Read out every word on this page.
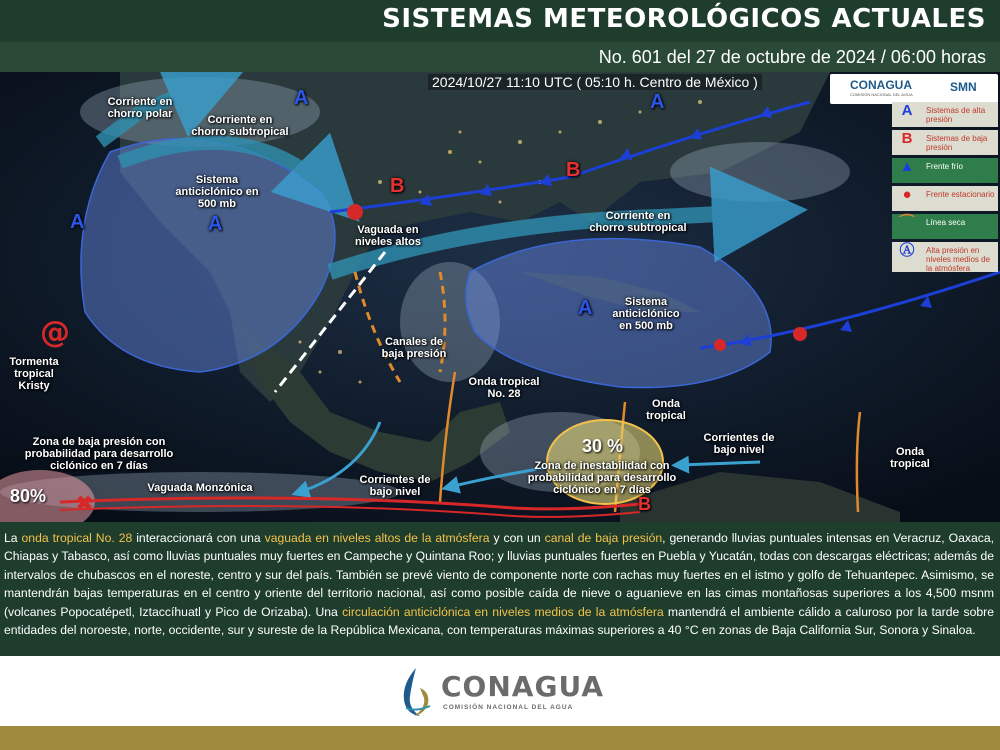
SISTEMAS METEOROLÓGICOS ACTUALES
No. 601 del 27 de octubre de 2024 / 06:00 horas
@
✖
2024/10/27 11:10 UTC ( 05:10 h. Centro de México )	CONAGUA
COMISIÓN NACIONAL DEL AGUA
SMN
A	Sistemas de alta presión
B	Sistemas de baja presión
▲	Frente frío
●	Frente estacionario
⌒	Línea seca
Ⓐ	Alta presión en niveles medios de la atmósfera
A
A	A
A
A
B
B
B
Corriente en chorro polar	Corriente en chorro subtropical
Sistema anticiclónico en 500 mb
Vaguada en niveles altos
Corriente en chorro subtropical
Canales de baja presión
Sistema anticiclónico en 500 mb
Onda tropical No. 28
Onda tropical
Corrientes de bajo nivel	Onda tropical
Tormenta tropical Kristy
Zona de baja presión con probabilidad para desarrollo ciclónico en 7 días
Vaguada Monzónica
Corrientes de bajo nivel
Zona de inestabilidad con probabilidad para desarrollo ciclónico en 7 días
80%
30 %
La onda tropical No. 28 interaccionará con una vaguada en niveles altos de la atmósfera y con un canal de baja presión, generando lluvias puntuales intensas en Veracruz, Oaxaca, Chiapas y Tabasco, así como lluvias puntuales muy fuertes en Campeche y Quintana Roo; y lluvias puntuales fuertes en Puebla y Yucatán, todas con descargas eléctricas; además de intervalos de chubascos en el noreste, centro y sur del país. También se prevé viento de componente norte con rachas muy fuertes en el istmo y golfo de Tehuantepec. Asimismo, se mantendrán bajas temperaturas en el centro y oriente del territorio nacional, así como posible caída de nieve o aguanieve en las cimas montañosas superiores a los 4,500 msnm (volcanes Popocatépetl, Iztaccíhuatl y Pico de Orizaba). Una circulación anticiclónica en niveles medios de la atmósfera mantendrá el ambiente cálido a caluroso por la tarde sobre entidades del noroeste, norte, occidente, sur y sureste de la República Mexicana, con temperaturas máximas superiores a 40 °C en zonas de Baja California Sur, Sonora y Sinaloa.
CONAGUA
COMISIÓN NACIONAL DEL AGUA
